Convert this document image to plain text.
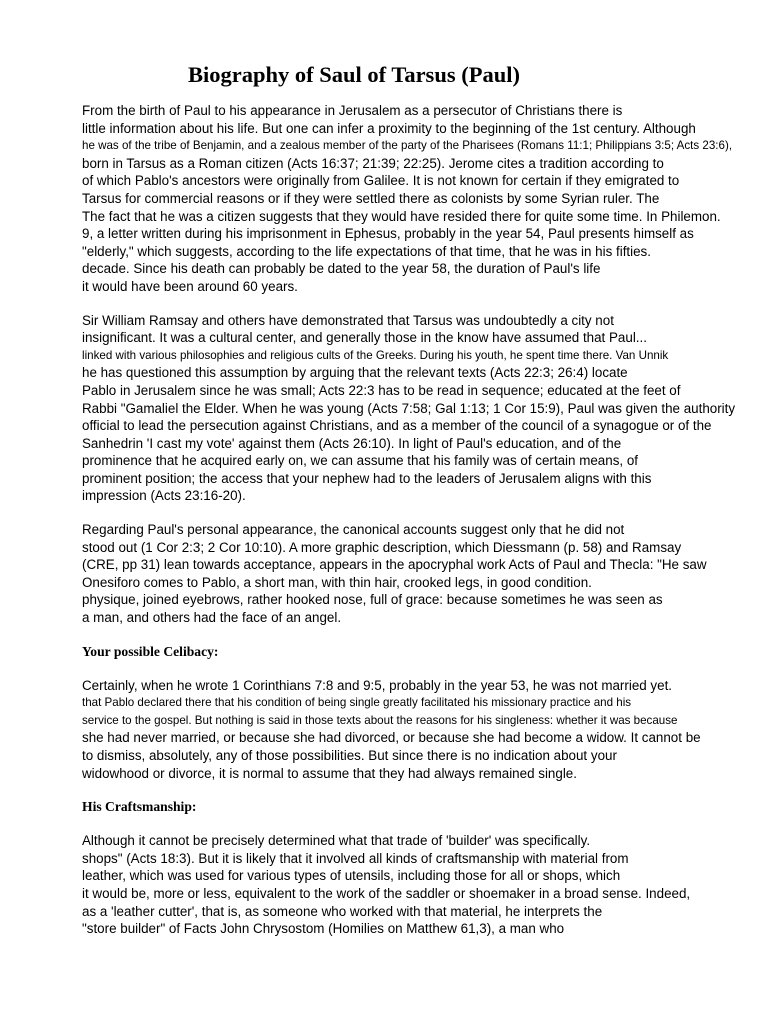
Biography of Saul of Tarsus (Paul)
From the birth of Paul to his appearance in Jerusalem as a persecutor of Christians there is
little information about his life. But one can infer a proximity to the beginning of the 1st century. Although
he was of the tribe of Benjamin, and a zealous member of the party of the Pharisees (Romans 11:1; Philippians 3:5; Acts 23:6),
born in Tarsus as a Roman citizen (Acts 16:37; 21:39; 22:25). Jerome cites a tradition according to
of which Pablo's ancestors were originally from Galilee. It is not known for certain if they emigrated to
Tarsus for commercial reasons or if they were settled there as colonists by some Syrian ruler. The
The fact that he was a citizen suggests that they would have resided there for quite some time. In Philemon.
9, a letter written during his imprisonment in Ephesus, probably in the year 54, Paul presents himself as
"elderly," which suggests, according to the life expectations of that time, that he was in his fifties.
decade. Since his death can probably be dated to the year 58, the duration of Paul's life
it would have been around 60 years.
Sir William Ramsay and others have demonstrated that Tarsus was undoubtedly a city not
insignificant. It was a cultural center, and generally those in the know have assumed that Paul...
linked with various philosophies and religious cults of the Greeks. During his youth, he spent time there. Van Unnik
he has questioned this assumption by arguing that the relevant texts (Acts 22:3; 26:4) locate
Pablo in Jerusalem since he was small; Acts 22:3 has to be read in sequence; educated at the feet of
Rabbi "Gamaliel the Elder. When he was young (Acts 7:58; Gal 1:13; 1 Cor 15:9), Paul was given the authority
official to lead the persecution against Christians, and as a member of the council of a synagogue or of the
Sanhedrin 'I cast my vote' against them (Acts 26:10). In light of Paul's education, and of the
prominence that he acquired early on, we can assume that his family was of certain means, of
prominent position; the access that your nephew had to the leaders of Jerusalem aligns with this
impression (Acts 23:16-20).
Regarding Paul's personal appearance, the canonical accounts suggest only that he did not
stood out (1 Cor 2:3; 2 Cor 10:10). A more graphic description, which Diessmann (p. 58) and Ramsay
(CRE, pp 31) lean towards acceptance, appears in the apocryphal work Acts of Paul and Thecla: "He saw
Onesiforo comes to Pablo, a short man, with thin hair, crooked legs, in good condition.
physique, joined eyebrows, rather hooked nose, full of grace: because sometimes he was seen as
a man, and others had the face of an angel.
Your possible Celibacy:
Certainly, when he wrote 1 Corinthians 7:8 and 9:5, probably in the year 53, he was not married yet.
that Pablo declared there that his condition of being single greatly facilitated his missionary practice and his
service to the gospel. But nothing is said in those texts about the reasons for his singleness: whether it was because
she had never married, or because she had divorced, or because she had become a widow. It cannot be
to dismiss, absolutely, any of those possibilities. But since there is no indication about your
widowhood or divorce, it is normal to assume that they had always remained single.
His Craftsmanship:
Although it cannot be precisely determined what that trade of 'builder' was specifically.
shops" (Acts 18:3). But it is likely that it involved all kinds of craftsmanship with material from
leather, which was used for various types of utensils, including those for all or shops, which
it would be, more or less, equivalent to the work of the saddler or shoemaker in a broad sense. Indeed,
as a 'leather cutter', that is, as someone who worked with that material, he interprets the
"store builder" of Facts John Chrysostom (Homilies on Matthew 61,3), a man who
